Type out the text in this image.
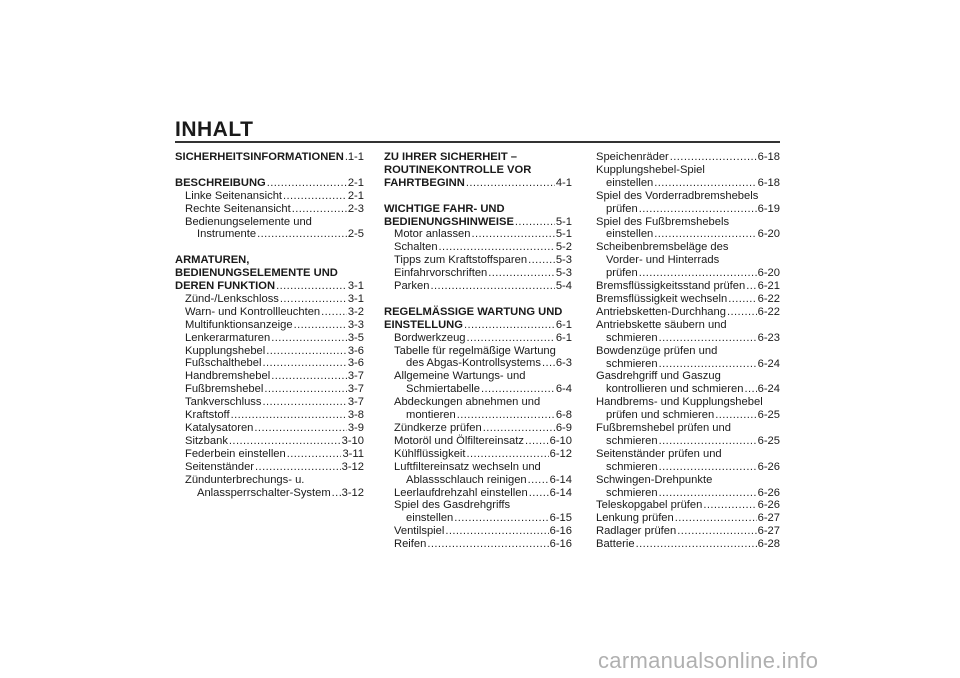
INHALT
SICHERHEITSINFORMATIONEN ..... 1-1
BESCHREIBUNG .....	2-1
Linke Seitenansicht .....	2-1
Rechte Seitenansicht .....	2-3
Bedienungselemente und
Instrumente .....	2-5
ARMATUREN,
BEDIENUNGSELEMENTE UND
DEREN FUNKTION .....	3-1
Zünd-/Lenkschloss .....	3-1
Warn- und Kontrollleuchten ..... 3-2
Multifunktionsanzeige .....	3-3
Lenkerarmaturen .....	3-5
Kupplungshebel .....	3-6
Fußschalthebel .....	3-6
Handbremshebel .....	3-7
Fußbremshebel .....	3-7
Tankverschluss .....	3-7
Kraftstoff .....	3-8
Katalysatoren .....	3-9
Sitzbank .....	3-10
Federbein einstellen .....	3-11
Seitenständer .....	3-12
Zündunterbrechungs- u.
Anlassperrschalter-System ..... 3-12
ZU IHRER SICHERHEIT –
ROUTINEKONTROLLE VOR
FAHRTBEGINN .....	4-1
WICHTIGE FAHR- UND
BEDIENUNGSHINWEISE .....	5-1
Motor anlassen .....	5-1
Schalten .....	5-2
Tipps zum Kraftstoffsparen .....	5-3
Einfahrvorschriften .....	5-3
Parken .....	5-4
REGELMÄSSIGE WARTUNG UND
EINSTELLUNG .....	6-1
Bordwerkzeug .....	6-1
Tabelle für regelmäßige Wartung
des Abgas-Kontrollsystems ..... 6-3
Allgemeine Wartungs- und
Schmiertabelle .....	6-4
Abdeckungen abnehmen und
montieren .....	6-8
Zündkerze prüfen .....	6-9
Motoröl und Ölfiltereinsatz ..... 6-10
Kühlflüssigkeit .....	6-12
Luftfiltereinsatz wechseln und
Ablassschlauch reinigen ..... 6-14
Leerlaufdrehzahl einstellen ..... 6-14
Spiel des Gasdrehgriffs
einstellen .....	6-15
Ventilspiel .....	6-16
Reifen .....	6-16
Speichenräder .....	6-18
Kupplungshebel-Spiel
einstellen .....	6-18
Spiel des Vorderradbremshebels
prüfen .....	6-19
Spiel des Fußbremshebels
einstellen .....	6-20
Scheibenbremsbeläge des
Vorder- und Hinterrads
prüfen .....	6-20
Bremsflüssigkeitsstand prüfen ..... 6-21
Bremsflüssigkeit wechseln .....	6-22
Antriebsketten-Durchhang .....	6-22
Antriebskette säubern und
schmieren .....	6-23
Bowdenzüge prüfen und
schmieren .....	6-24
Gasdrehgriff und Gaszug
kontrollieren und schmieren ..... 6-24
Handbrems- und Kupplungshebel
prüfen und schmieren .....	6-25
Fußbremshebel prüfen und
schmieren .....	6-25
Seitenständer prüfen und
schmieren .....	6-26
Schwingen-Drehpunkte
schmieren .....	6-26
Teleskopgabel prüfen .....	6-26
Lenkung prüfen .....	6-27
Radlager prüfen .....	6-27
Batterie .....	6-28
carmanualsonline.info
